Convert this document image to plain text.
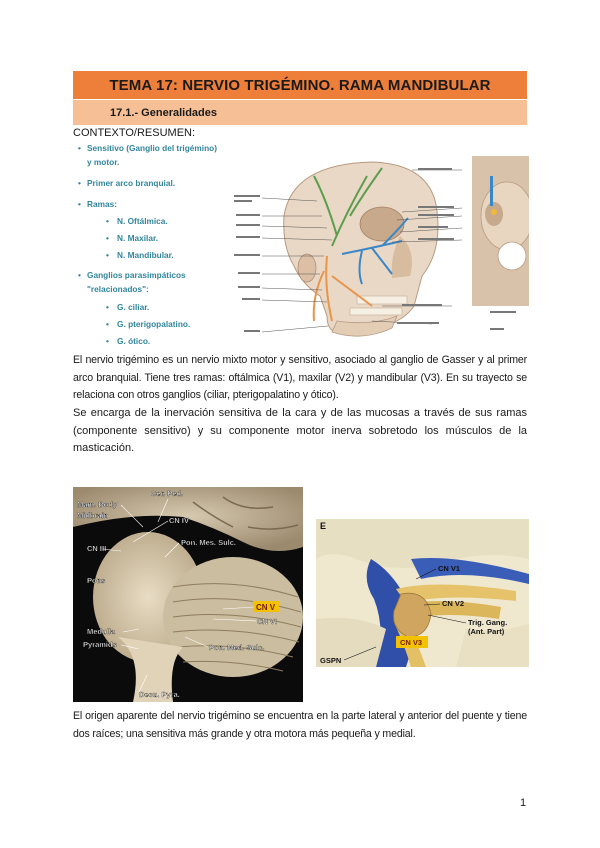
TEMA 17: NERVIO TRIGÉMINO. RAMA MANDIBULAR
17.1.- Generalidades
CONTEXTO/RESUMEN:
• Sensitivo (Ganglio del trigémino)
y motor.
• Primer arco branquial.
• Ramas:
• N. Oftálmica.
• N. Maxilar.
• N. Mandibular.
• Ganglios parasimpáticos
"relacionados":
• G. ciliar.
• G. pterigopalatino.
• G. ótico.
El nervio trigémino es un nervio mixto motor y sensitivo, asociado al ganglio de Gasser y al primer arco branquial. Tiene tres ramas: oftálmica (V1), maxilar (V2) y mandibular (V3). En su trayecto se relaciona con otros ganglios (ciliar, pterigopalatino y ótico).
Se encarga de la inervación sensitiva de la cara y de las mucosas a través de sus ramas (componente sensitivo) y su componente motor inerva sobretodo los músculos de la masticación.
Mam. Body
Midbrain
Cer. Ped.
CN IV
CN III
Pon. Mes. Sulc.
Pons
Medulla
Pyramids	Pon. Med. Sulc.
Decu. Pyra.
CN VI
CN V
E
CN V1
CN V2
Trig. Gang.
(Ant. Part)
GSPN
CN V3
El origen aparente del nervio trigémino se encuentra en la parte lateral y anterior del puente y tiene dos raíces; una sensitiva más grande y otra motora más pequeña y medial.
1
